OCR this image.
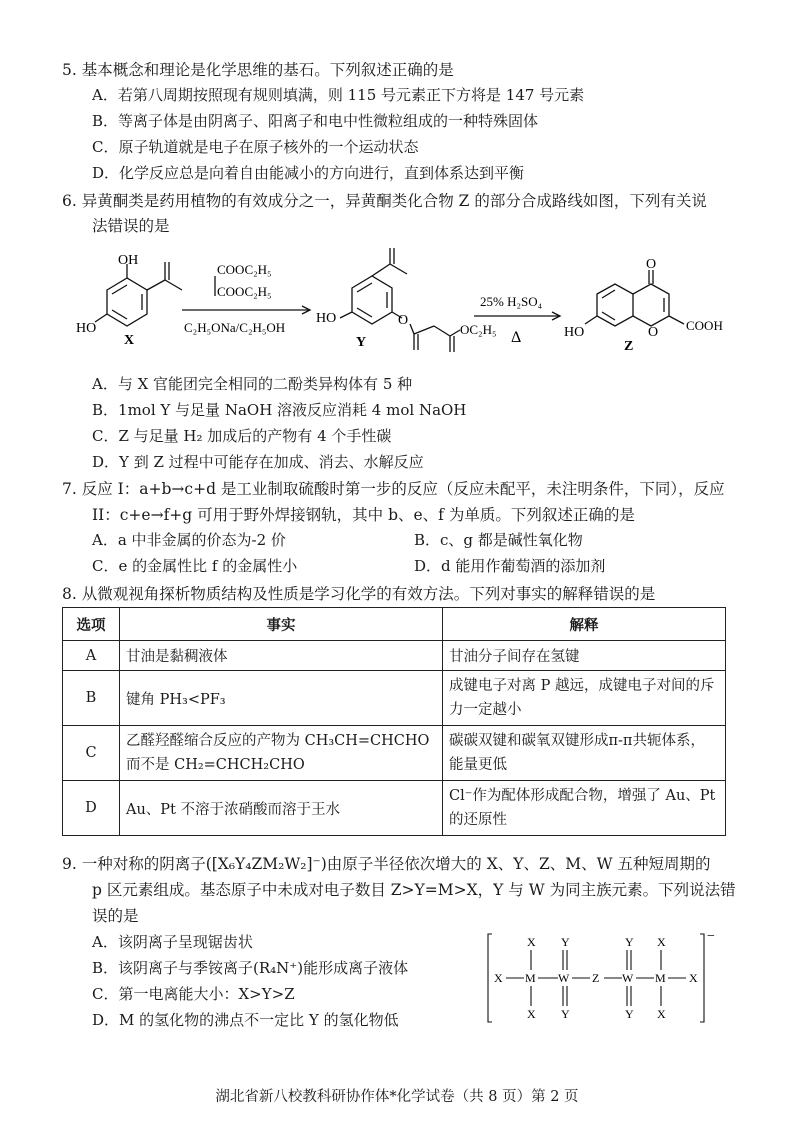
5. 基本概念和理论是化学思维的基石。下列叙述正确的是
A．若第八周期按照现有规则填满，则 115 号元素正下方将是 147 号元素
B．等离子体是由阴离子、阳离子和电中性微粒组成的一种特殊固体
C．原子轨道就是电子在原子核外的一个运动状态
D．化学反应总是向着自由能减小的方向进行，直到体系达到平衡
6. 异黄酮类是药用植物的有效成分之一，异黄酮类化合物 Z 的部分合成路线如图，下列有关说
法错误的是
OH
HO
X
COOC₂H₅
COOC₂H₅
C₂H₅ONa/C₂H₅OH
HO	O
OC₂H₅
Y
25% H₂SO₄
Δ
O
O COOH
HO
Z
A．与 X 官能团完全相同的二酚类异构体有 5 种
B．1mol Y 与足量 NaOH 溶液反应消耗 4 mol NaOH
C．Z 与足量 H₂ 加成后的产物有 4 个手性碳
D．Y 到 Z 过程中可能存在加成、消去、水解反应
7. 反应 I：a+b→c+d 是工业制取硫酸时第一步的反应（反应未配平，未注明条件，下同），反应
II：c+e→f+g 可用于野外焊接钢轨，其中 b、e、f 为单质。下列叙述正确的是
A．a 中非金属的价态为-2 价	B．c、g 都是碱性氧化物
C．e 的金属性比 f 的金属性小	D．d 能用作葡萄酒的添加剂
8. 从微观视角探析物质结构及性质是学习化学的有效方法。下列对事实的解释错误的是
选项	事实	解释
A	甘油是黏稠液体	甘油分子间存在氢键
B	键角 PH₃<PF₃	成键电子对离 P 越远，成键电子对间的斥力一定越小
C	乙醛羟醛缩合反应的产物为 CH₃CH=CHCHO 而不是 CH₂=CHCH₂CHO	碳碳双键和碳氧双键形成π-π共轭体系，能量更低
D	Au、Pt 不溶于浓硝酸而溶于王水	Cl⁻作为配体形成配合物，增强了 Au、Pt 的还原性
9. 一种对称的阴离子([X₆Y₄ZM₂W₂]⁻)由原子半径依次增大的 X、Y、Z、M、W 五种短周期的
p 区元素组成。基态原子中未成对电子数目 Z>Y=M>X，Y 与 W 为同主族元素。下列说法错
误的是
A．该阴离子呈现锯齿状
B．该阴离子与季铵离子(R₄N⁺)能形成离子液体
C．第一电离能大小：X>Y>Z
D．M 的氢化物的沸点不一定比 Y 的氢化物低
X M W Z W M X
X
X
Y
Y
Y
Y
X
X
−
湖北省新八校教科研协作体*化学试卷（共 8 页）第 2 页
